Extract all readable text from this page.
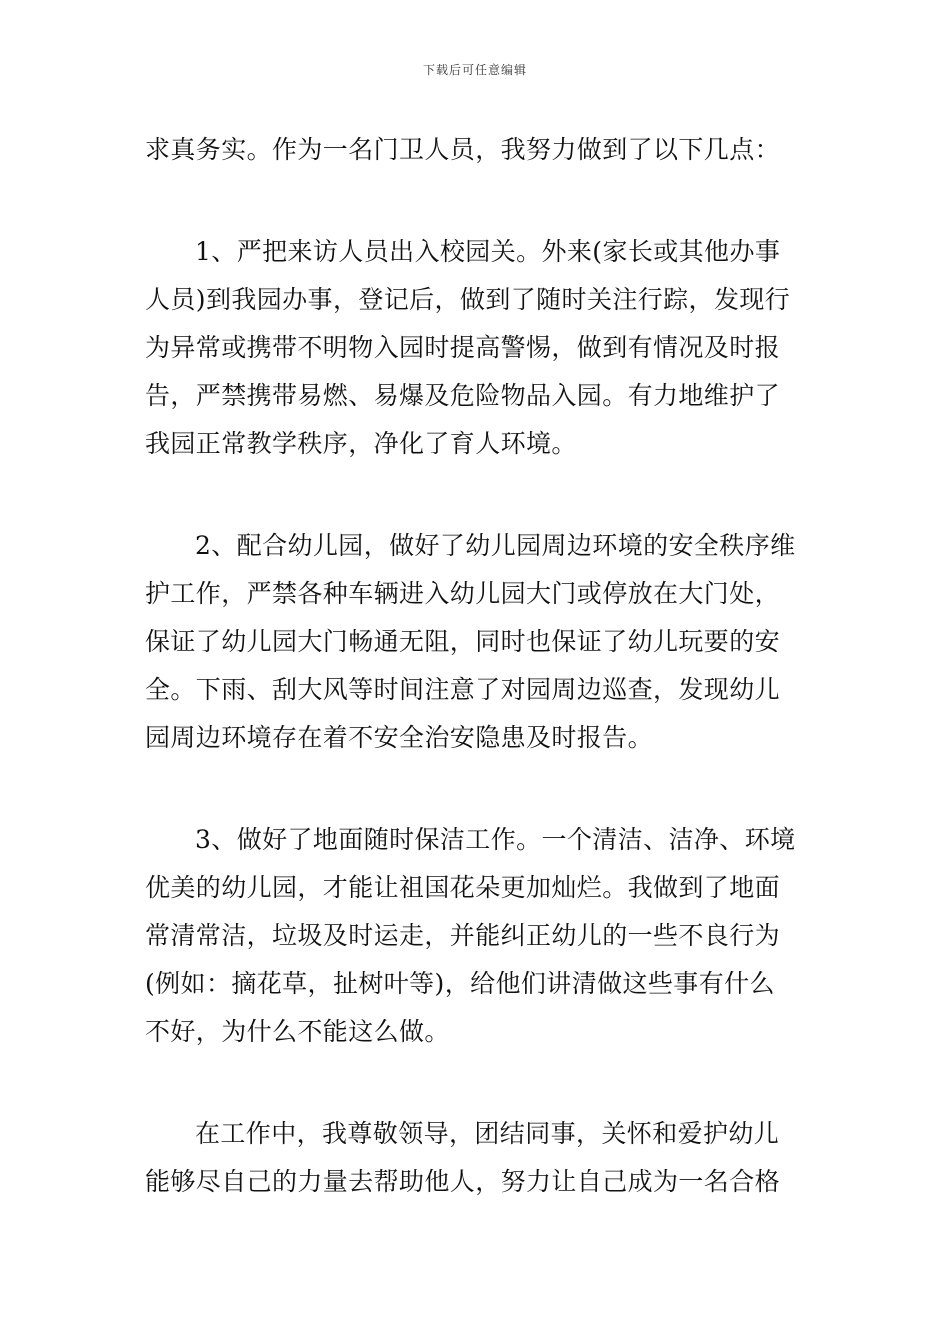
下载后可任意编辑
求真务实。作为一名门卫人员，我努力做到了以下几点：
1、严把来访人员出入校园关。外来(家长或其他办事
人员)到我园办事，登记后，做到了随时关注行踪，发现行
为异常或携带不明物入园时提高警惕，做到有情况及时报
告，严禁携带易燃、易爆及危险物品入园。有力地维护了
我园正常教学秩序，净化了育人环境。
2、配合幼儿园，做好了幼儿园周边环境的安全秩序维
护工作，严禁各种车辆进入幼儿园大门或停放在大门处，
保证了幼儿园大门畅通无阻，同时也保证了幼儿玩要的安
全。下雨、刮大风等时间注意了对园周边巡查，发现幼儿
园周边环境存在着不安全治安隐患及时报告。
3、做好了地面随时保洁工作。一个清洁、洁净、环境
优美的幼儿园，才能让祖国花朵更加灿烂。我做到了地面
常清常洁，垃圾及时运走，并能纠正幼儿的一些不良行为
(例如：摘花草，扯树叶等)，给他们讲清做这些事有什么
不好，为什么不能这么做。
在工作中，我尊敬领导，团结同事，关怀和爱护幼儿
能够尽自己的力量去帮助他人，努力让自己成为一名合格
